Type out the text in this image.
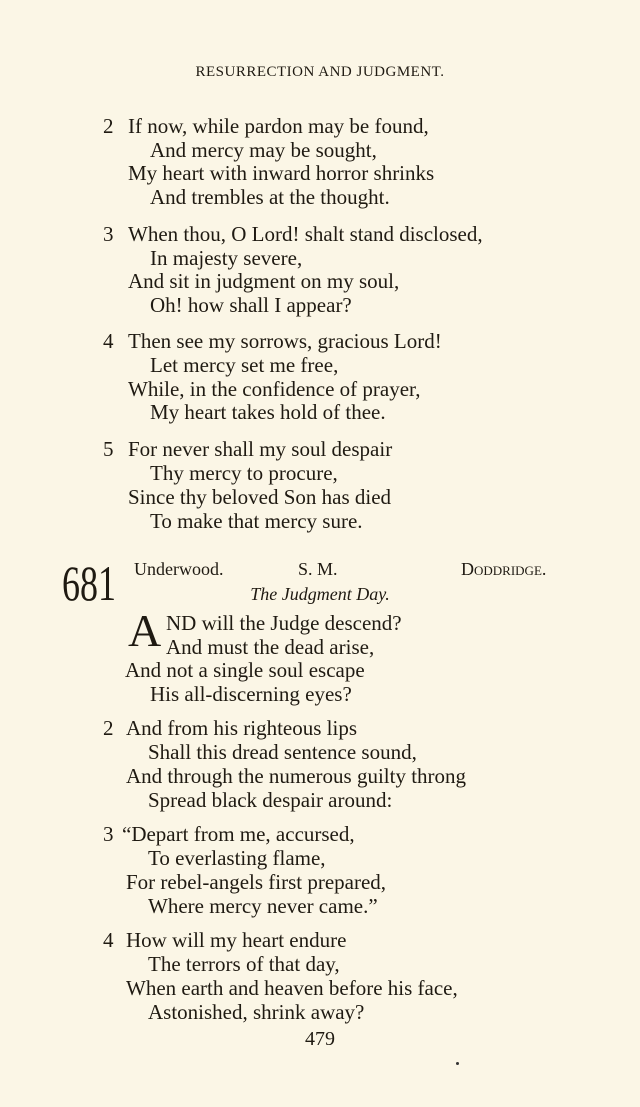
RESURRECTION AND JUDGMENT.
2 If now, while pardon may be found,
And mercy may be sought,
My heart with inward horror shrinks
And trembles at the thought.
3 When thou, O Lord! shalt stand disclosed,
In majesty severe,
And sit in judgment on my soul,
Oh! how shall I appear?
4 Then see my sorrows, gracious Lord!
Let mercy set me free,
While, in the confidence of prayer,
My heart takes hold of thee.
5 For never shall my soul despair
Thy mercy to procure,
Since thy beloved Son has died
To make that mercy sure.
681 Underwood.	S. M.	Doddridge.
The Judgment Day.
A ND will the Judge descend?
And must the dead arise,
And not a single soul escape
His all-discerning eyes?
2 And from his righteous lips
Shall this dread sentence sound,
And through the numerous guilty throng
Spread black despair around:
3 “Depart from me, accursed,
To everlasting flame,
For rebel-angels first prepared,
Where mercy never came.”
4 How will my heart endure
The terrors of that day,
When earth and heaven before his face,
Astonished, shrink away?
479
